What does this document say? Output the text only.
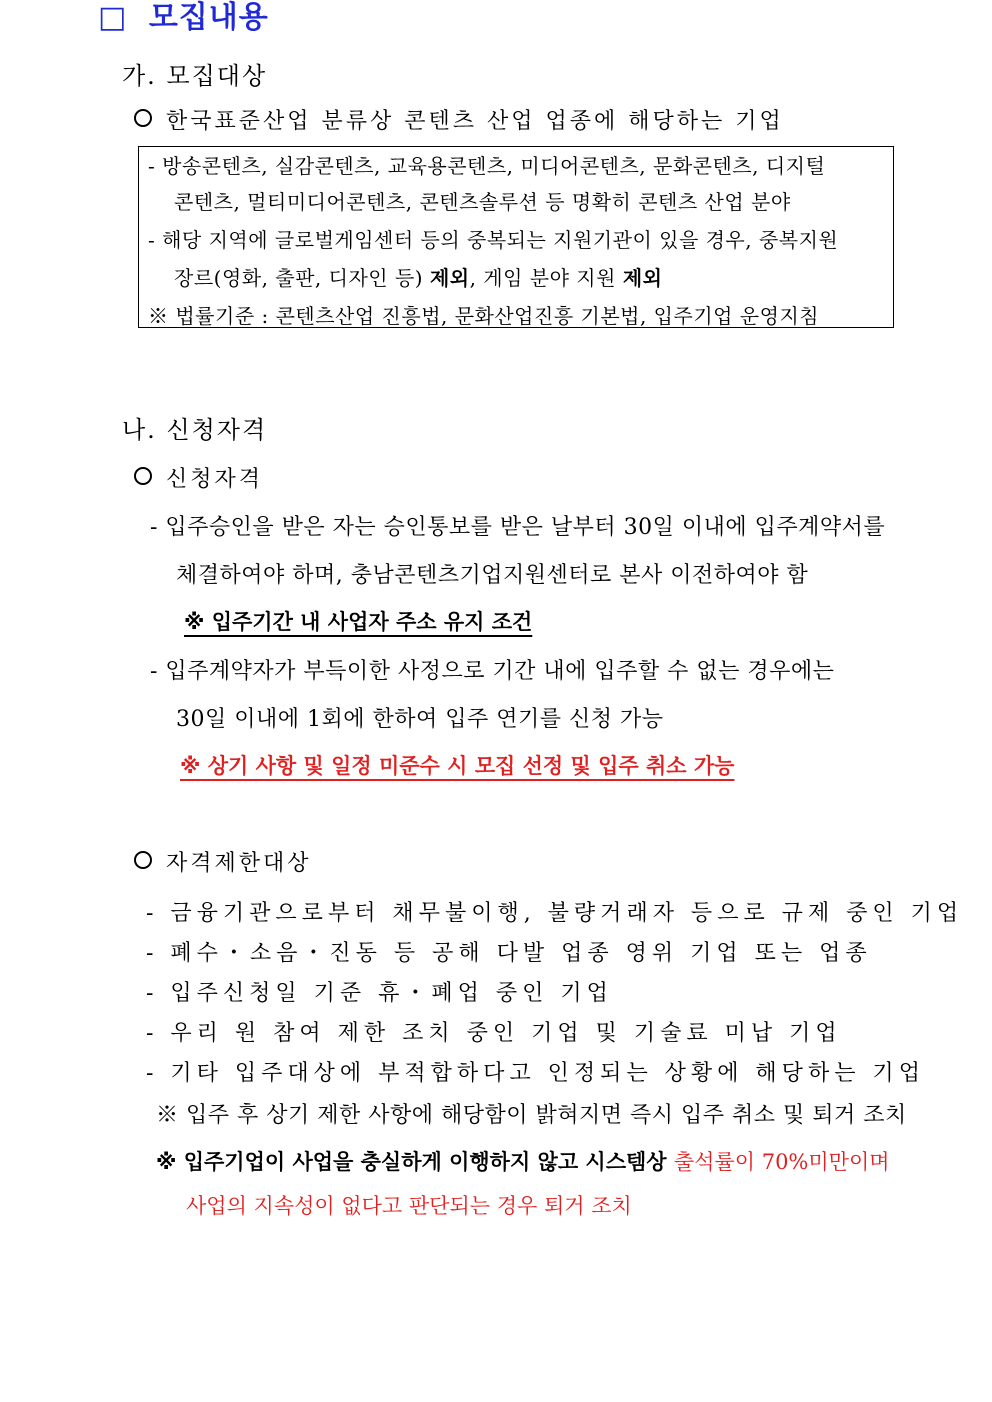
□ 모집내용
가. 모집대상
한국표준산업 분류상 콘텐츠 산업 업종에 해당하는 기업
- 방송콘텐츠, 실감콘텐츠, 교육용콘텐츠, 미디어콘텐츠, 문화콘텐츠, 디지털
콘텐츠, 멀티미디어콘텐츠, 콘텐츠솔루션 등 명확히 콘텐츠 산업 분야
- 해당 지역에 글로벌게임센터 등의 중복되는 지원기관이 있을 경우, 중복지원
장르(영화, 출판, 디자인 등) 제외, 게임 분야 지원 제외
※ 법률기준 : 콘텐츠산업 진흥법, 문화산업진흥 기본법, 입주기업 운영지침
나. 신청자격
신청자격
- 입주승인을 받은 자는 승인통보를 받은 날부터 30일 이내에 입주계약서를
체결하여야 하며, 충남콘텐츠기업지원센터로 본사 이전하여야 함
※ 입주기간 내 사업자 주소 유지 조건
- 입주계약자가 부득이한 사정으로 기간 내에 입주할 수 없는 경우에는
30일 이내에 1회에 한하여 입주 연기를 신청 가능
※ 상기 사항 및 일정 미준수 시 모집 선정 및 입주 취소 가능
자격제한대상
- 금융기관으로부터 채무불이행, 불량거래자 등으로 규제 중인 기업
- 폐수・소음・진동 등 공해 다발 업종 영위 기업 또는 업종
- 입주신청일 기준 휴・폐업 중인 기업
- 우리 원 참여 제한 조치 중인 기업 및 기술료 미납 기업
- 기타 입주대상에 부적합하다고 인정되는 상황에 해당하는 기업
※ 입주 후 상기 제한 사항에 해당함이 밝혀지면 즉시 입주 취소 및 퇴거 조치
※ 입주기업이 사업을 충실하게 이행하지 않고 시스템상 출석률이 70%미만이며
사업의 지속성이 없다고 판단되는 경우 퇴거 조치
